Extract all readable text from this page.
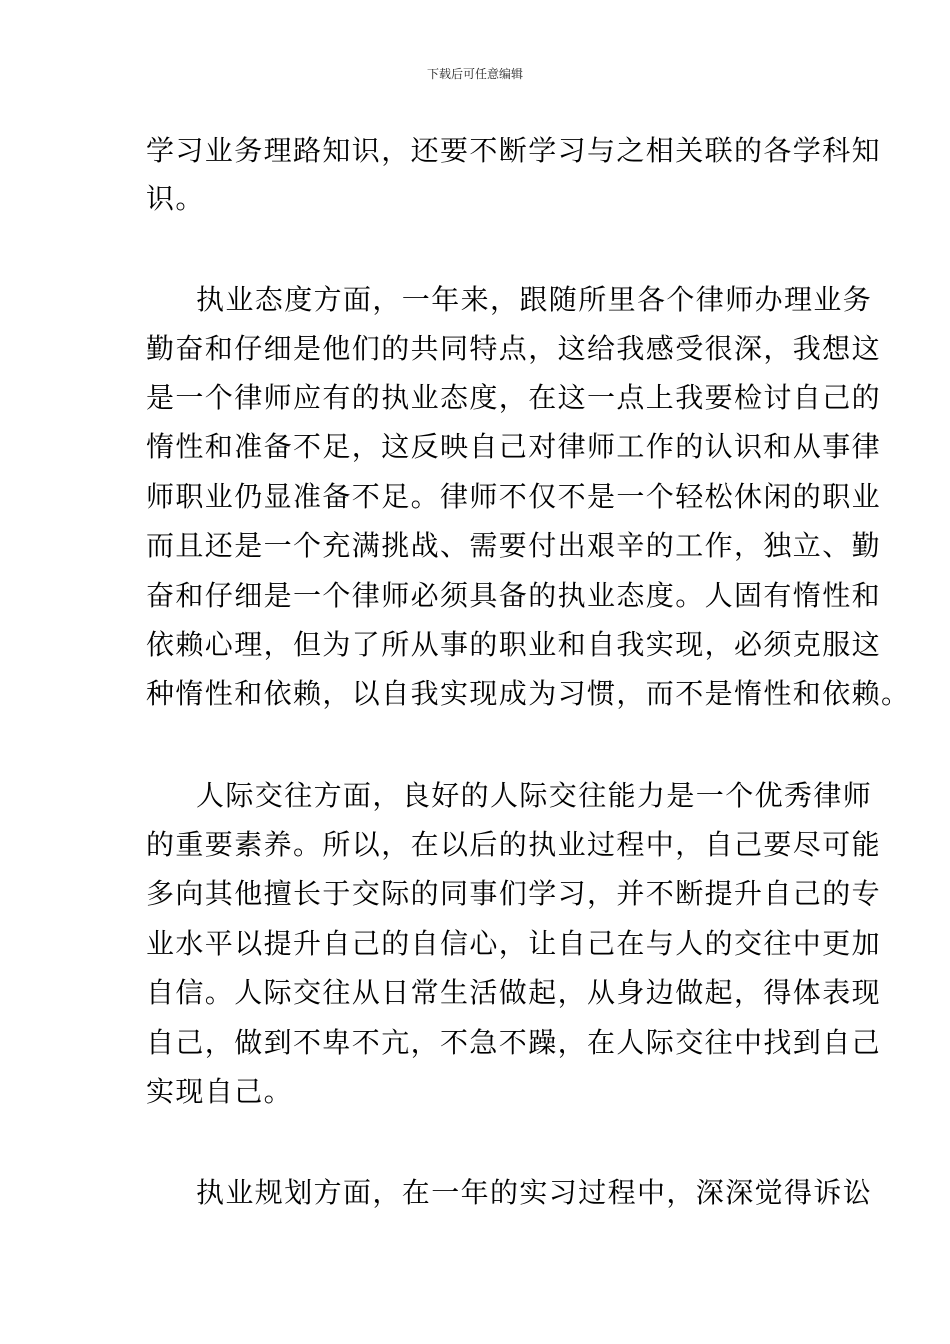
下载后可任意编辑
学习业务理路知识，还要不断学习与之相关联的各学科知
识。
执业态度方面，一年来，跟随所里各个律师办理业务
勤奋和仔细是他们的共同特点，这给我感受很深，我想这
是一个律师应有的执业态度，在这一点上我要检讨自己的
惰性和准备不足，这反映自己对律师工作的认识和从事律
师职业仍显准备不足。律师不仅不是一个轻松休闲的职业
而且还是一个充满挑战、需要付出艰辛的工作，独立、勤
奋和仔细是一个律师必须具备的执业态度。人固有惰性和
依赖心理，但为了所从事的职业和自我实现，必须克服这
种惰性和依赖，以自我实现成为习惯，而不是惰性和依赖。
人际交往方面，良好的人际交往能力是一个优秀律师
的重要素养。所以，在以后的执业过程中，自己要尽可能
多向其他擅长于交际的同事们学习，并不断提升自己的专
业水平以提升自己的自信心，让自己在与人的交往中更加
自信。人际交往从日常生活做起，从身边做起，得体表现
自己，做到不卑不亢，不急不躁，在人际交往中找到自己
实现自己。
执业规划方面，在一年的实习过程中，深深觉得诉讼
